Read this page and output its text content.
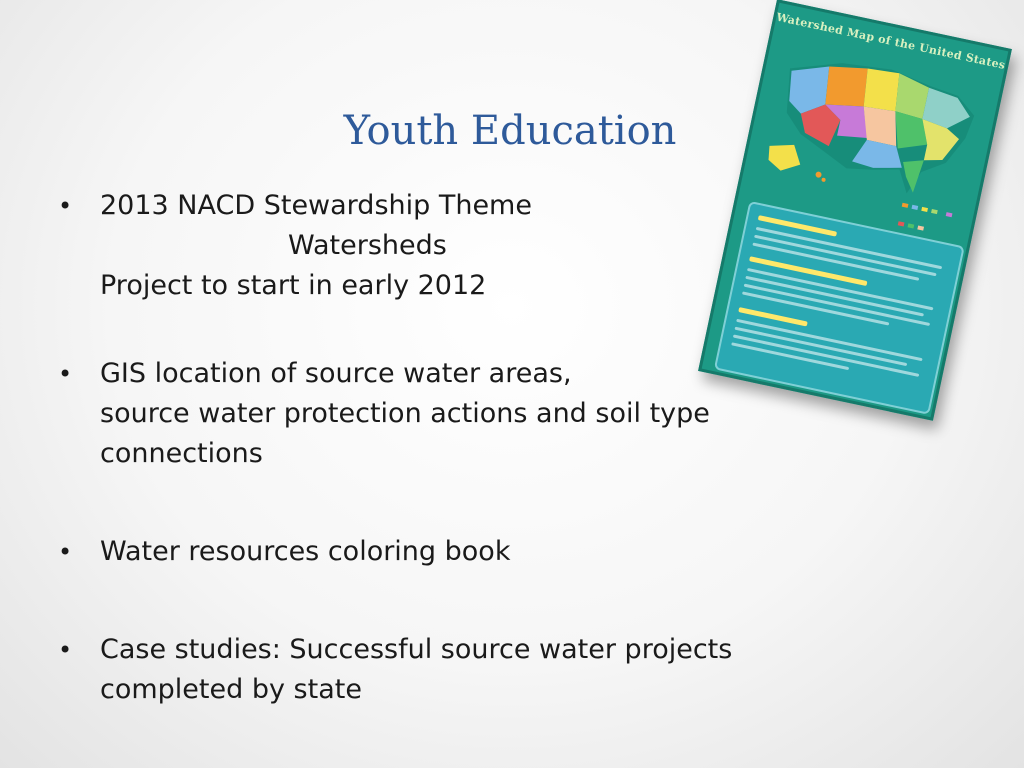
Youth Education
Watershed Map of the United States

• 2013 NACD Stewardship Theme
Watersheds
Project to start in early 2012
• GIS location of source water areas,
source water protection actions and soil type
connections
• Water resources coloring book
• Case studies: Successful source water projects
completed by state
